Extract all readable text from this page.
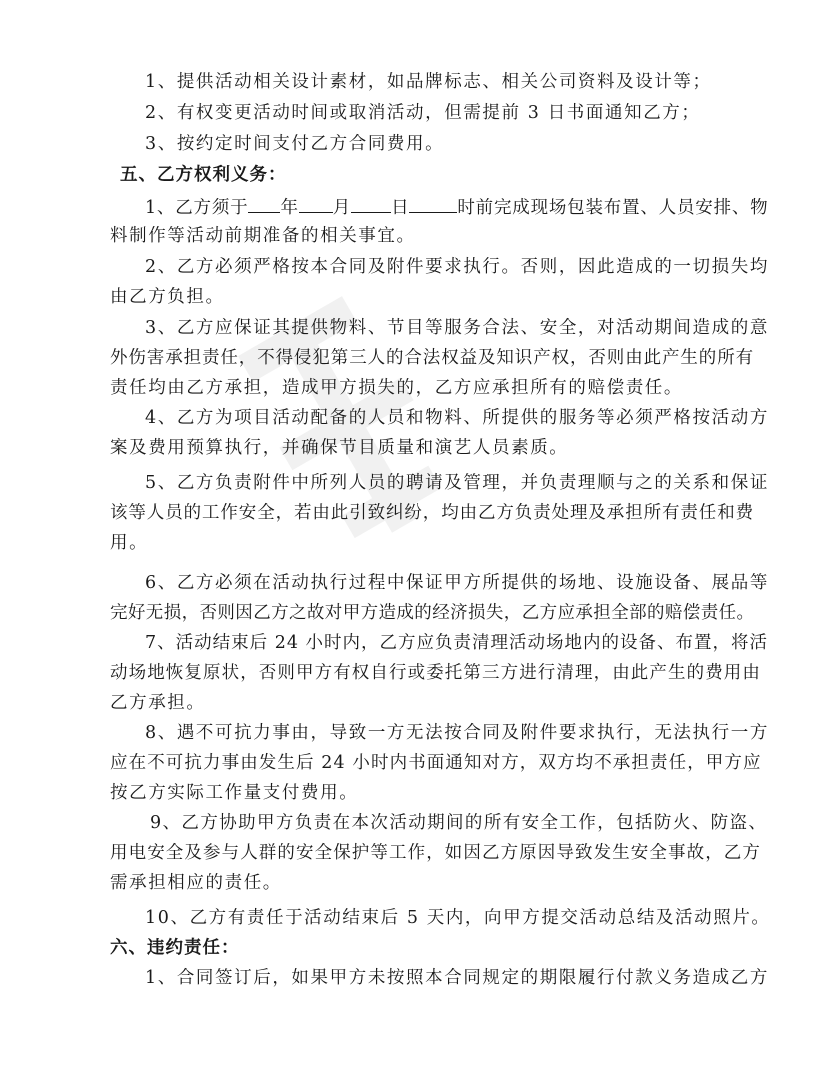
1、提供活动相关设计素材，如品牌标志、相关公司资料及设计等；
2、有权变更活动时间或取消活动，但需提前 3 日书面通知乙方；
3、按约定时间支付乙方合同费用。
五、乙方权利义务：
1、乙方须于 年 月 日	时前完成现场包装布置、人员安排、物
料制作等活动前期准备的相关事宜。
2、乙方必须严格按本合同及附件要求执行。否则，因此造成的一切损失均
由乙方负担。
3、乙方应保证其提供物料、节目等服务合法、安全，对活动期间造成的意
外伤害承担责任，不得侵犯第三人的合法权益及知识产权，否则由此产生的所有
责任均由乙方承担，造成甲方损失的，乙方应承担所有的赔偿责任。
4、乙方为项目活动配备的人员和物料、所提供的服务等必须严格按活动方
案及费用预算执行，并确保节目质量和演艺人员素质。
5、乙方负责附件中所列人员的聘请及管理，并负责理顺与之的关系和保证
该等人员的工作安全，若由此引致纠纷，均由乙方负责处理及承担所有责任和费
用。
6、乙方必须在活动执行过程中保证甲方所提供的场地、设施设备、展品等
完好无损，否则因乙方之故对甲方造成的经济损失，乙方应承担全部的赔偿责任。
7、活动结束后 24 小时内，乙方应负责清理活动场地内的设备、布置，将活
动场地恢复原状，否则甲方有权自行或委托第三方进行清理，由此产生的费用由
乙方承担。
8、遇不可抗力事由，导致一方无法按合同及附件要求执行，无法执行一方
应在不可抗力事由发生后 24 小时内书面通知对方，双方均不承担责任，甲方应
按乙方实际工作量支付费用。
9、乙方协助甲方负责在本次活动期间的所有安全工作，包括防火、防盗、
用电安全及参与人群的安全保护等工作，如因乙方原因导致发生安全事故，乙方
需承担相应的责任。
10、乙方有责任于活动结束后 5 天内，向甲方提交活动总结及活动照片。
六、违约责任：
1、合同签订后，如果甲方未按照本合同规定的期限履行付款义务造成乙方
